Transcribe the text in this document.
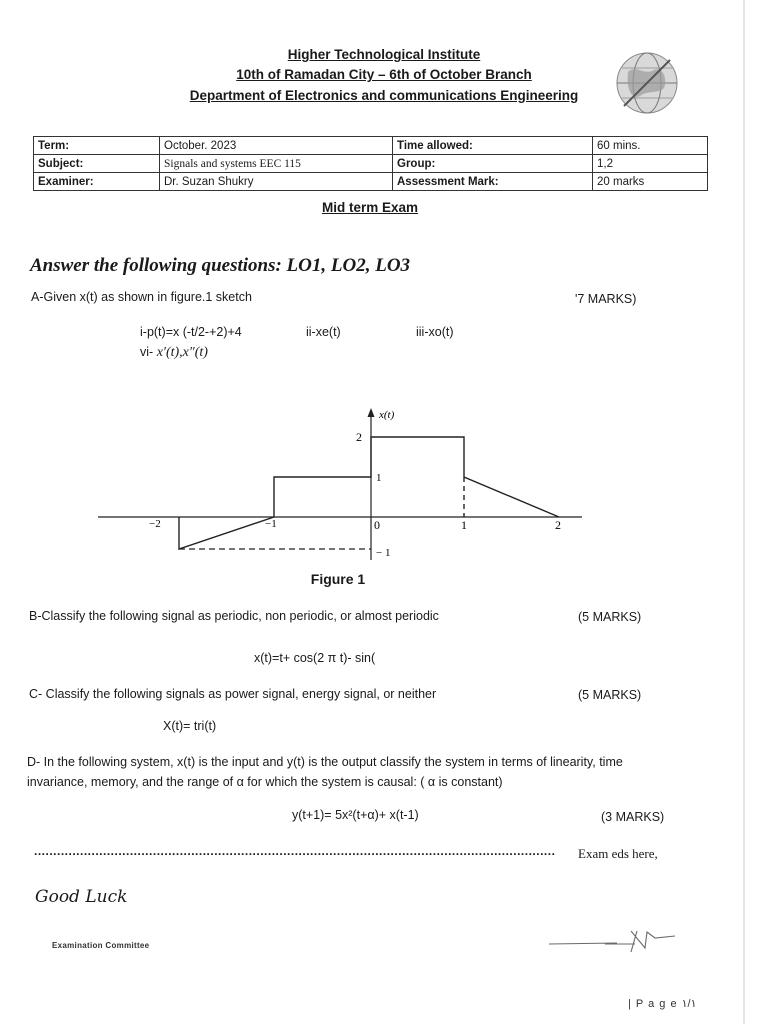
Higher Technological Institute
10th of Ramadan City – 6th of October Branch
Department of Electronics and communications Engineering
Term:	October. 2023	Time allowed:	60 mins.
Subject:	Signals and systems EEC 115	Group:	1,2
Examiner:	Dr. Suzan Shukry	Assessment Mark:	20 marks
Mid term Exam
Answer the following questions: LO1, LO2, LO3
A-Given x(t) as shown in figure.1 sketch	'7 MARKS)
i-p(t)=x (-t/2-+2)+4	ii-xe(t)	iii-xo(t)
vi- x′(t),x″(t)
x(t)
2
1
− 1
−2	−1	0	1	2
Figure 1
B-Classify the following signal as periodic, non periodic, or almost periodic	(5 MARKS)
x(t)=t+ cos(2 π t)- sin(
C- Classify the following signals as power signal, energy signal, or neither	(5 MARKS)
X(t)= tri(t)
D- In the following system, x(t) is the input and y(t) is the output classify the system in terms of linearity, time
invariance, memory, and the range of α for which the system is causal: ( α is constant)
y(t+1)= 5x²(t+α)+ x(t-1)	(3 MARKS)
........................................................................................................................................	Exam eds here,
Good Luck
Examination Committee
| P a g e ١/١
